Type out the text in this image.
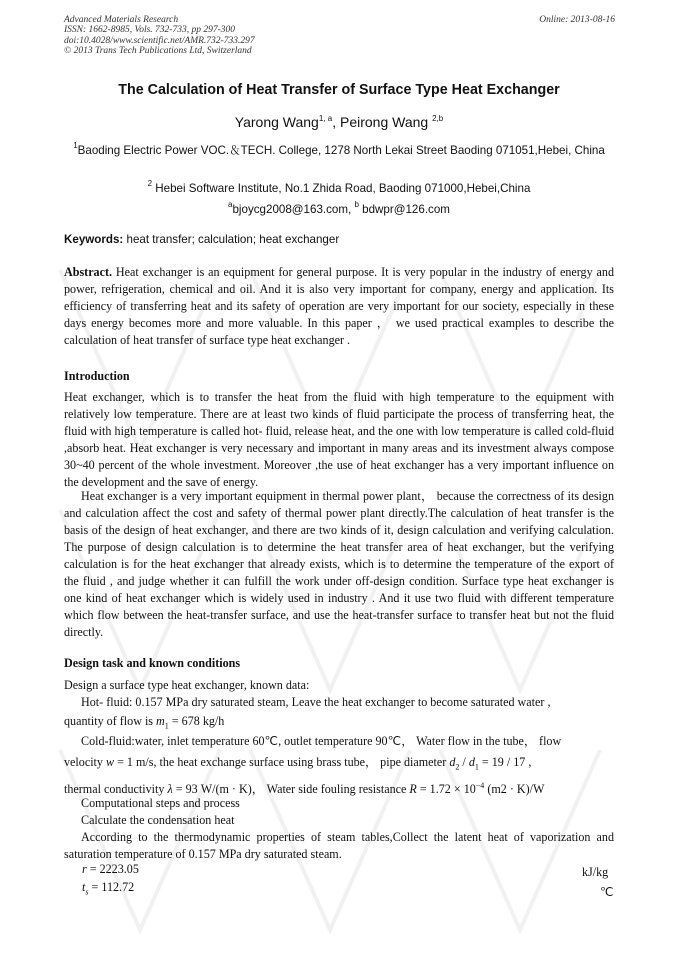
Advanced Materials Research
ISSN: 1662-8985, Vols. 732-733, pp 297-300
doi:10.4028/www.scientific.net/AMR.732-733.297
© 2013 Trans Tech Publications Ltd, Switzerland
Online: 2013-08-16
The Calculation of Heat Transfer of Surface Type Heat Exchanger
Yarong Wang$^{1, a}$, Peirong Wang $^{2,b}$
$^1$Baoding Electric Power VOC.＆TECH. College, 1278 North Lekai Street Baoding 071051,Hebei, China
$^2$ Hebei Software Institute, No.1 Zhida Road, Baoding 071000,Hebei,China
$^a$bjoycg2008@163.com, $^b$ bdwpr@126.com
Keywords: heat transfer; calculation; heat exchanger
Abstract. Heat exchanger is an equipment for general purpose. It is very popular in the industry of energy and power, refrigeration, chemical and oil. And it is also very important for company, energy and application. Its efficiency of transferring heat and its safety of operation are very important for our society, especially in these days energy becomes more and more valuable. In this paper ， we used practical examples to describe the calculation of heat transfer of surface type heat exchanger .
Introduction
Heat exchanger, which is to transfer the heat from the fluid with high temperature to the equipment with relatively low temperature. There are at least two kinds of fluid participate the process of transferring heat, the fluid with high temperature is called hot- fluid, release heat, and the one with low temperature is called cold-fluid ,absorb heat. Heat exchanger is very necessary and important in many areas and its investment always compose 30~40 percent of the whole investment. Moreover ,the use of heat exchanger has a very important influence on the development and the save of energy.
Heat exchanger is a very important equipment in thermal power plant， because the correctness of its design and calculation affect the cost and safety of thermal power plant directly.The calculation of heat transfer is the basis of the design of heat exchanger, and there are two kinds of it, design calculation and verifying calculation. The purpose of design calculation is to determine the heat transfer area of heat exchanger, but the verifying calculation is for the heat exchanger that already exists, which is to determine the temperature of the export of the fluid , and judge whether it can fulfill the work under off-design condition. Surface type heat exchanger is one kind of heat exchanger which is widely used in industry . And it use two fluid with different temperature which flow between the heat-transfer surface, and use the heat-transfer surface to transfer heat but not the fluid directly.
Design task and known conditions
Design a surface type heat exchanger, known data:
Hot- fluid: 0.157 MPa dry saturated steam, Leave the heat exchanger to become saturated water ,
quantity of flow is $m_1 = 678$ kg/h
Cold-fluid:water, inlet temperature 60℃, outlet temperature 90℃， Water flow in the tube， flow
velocity w = 1 m/s, the heat exchange surface using brass tube， pipe diameter $d_2 / d_1 = 19 / 17$ ,
thermal conductivity λ = 93 W/(m · K)， Water side fouling resistance $R = 1.72 \times 10^{-4}$ (m2 · K)/W
Computational steps and process
Calculate the condensation heat
According to the thermodynamic properties of steam tables,Collect the latent heat of vaporization and saturation temperature of 0.157 MPa dry saturated steam.
r = 2223.05	kJ/kg
$t_s = 112.72$	℃
